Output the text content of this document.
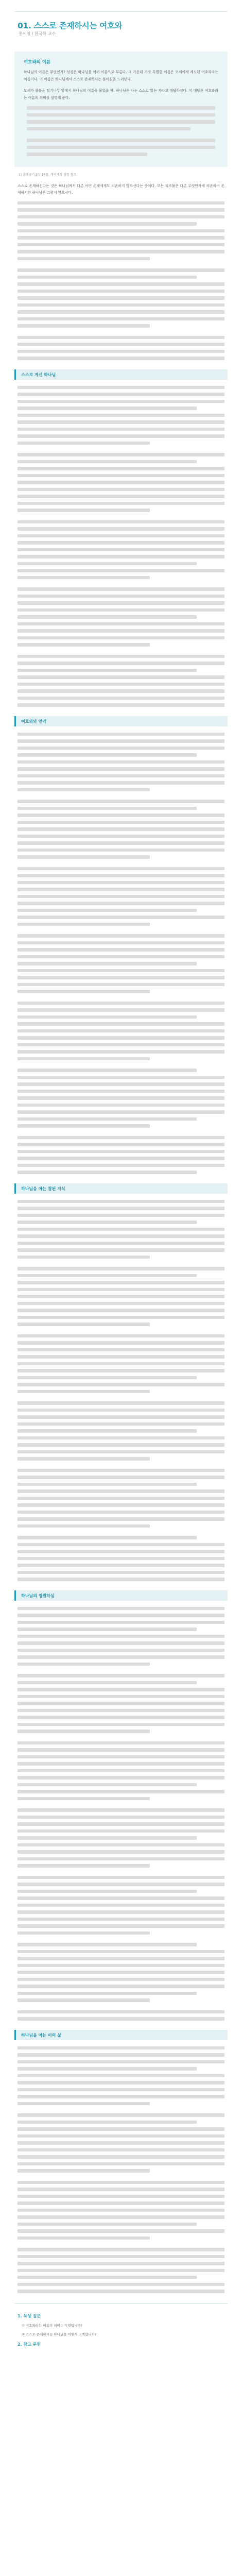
01. 스스로 존재하시는 여호와
홍세영 / 한국학 교수
여호와의 이름

하나님의 이름은 무엇인가? 성경은 하나님을 여러 이름으로 부른다. 그 가운데 가장 특별한 이름은 모세에게 계시된 여호와라는 이름이다. 이 이름은 하나님께서 스스로 존재하시는 분이심을 드러낸다.

모세가 불붙은 떨기나무 앞에서 하나님의 이름을 물었을 때, 하나님은 나는 스스로 있는 자라고 대답하셨다. 이 대답은 여호와라는 이름의 의미를 설명해 준다.

1) 출애굽기 3장 14절, 개역개정 성경 참조.

스스로 존재하신다는 것은 하나님께서 다른 어떤 존재에게도 의존하지 않으신다는 뜻이다. 모든 피조물은 다른 무엇인가에 의존하여 존재하지만 하나님은 그렇지 않으시다.

스스로 계신 하나님
여호와와 언약
하나님을 아는 참된 지식
하나님의 영원하심
하나님을 아는 이의 삶
1. 묵상 질문
① 여호와라는 이름의 의미는 무엇입니까?
② 스스로 존재하시는 하나님을 어떻게 고백합니까?
2. 참고 문헌
